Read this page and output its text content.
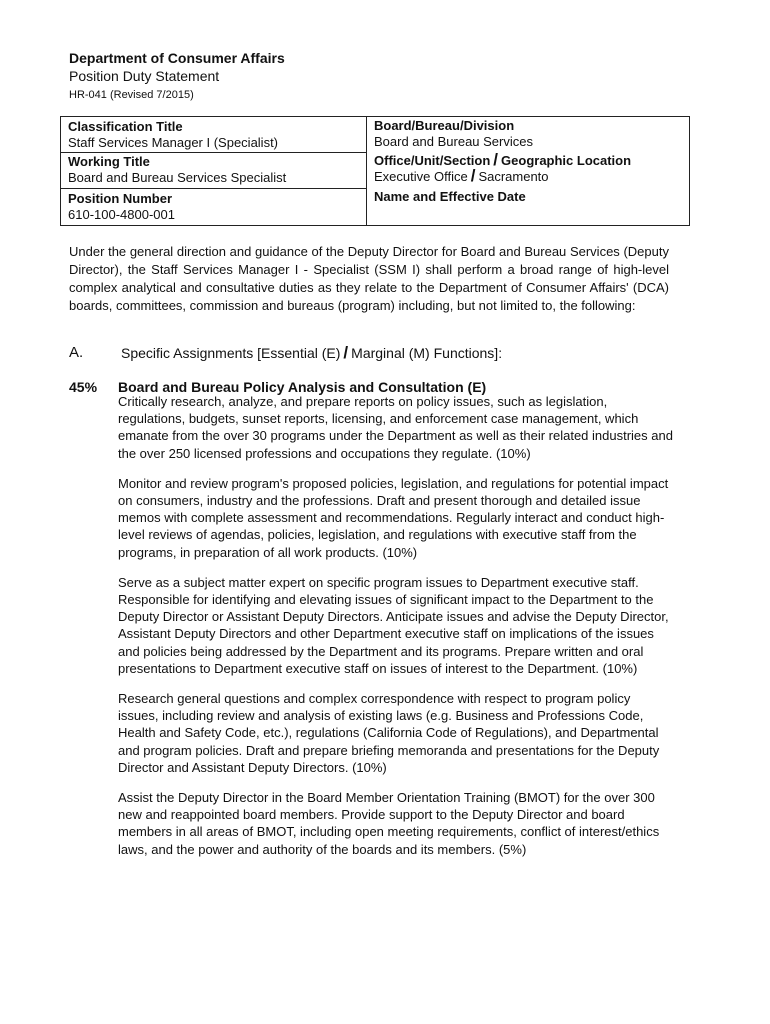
Department of Consumer Affairs
Position Duty Statement
HR-041 (Revised 7/2015)
Classification Title
Staff Services Manager I (Specialist)
Working Title
Board and Bureau Services Specialist
Position Number
610-100-4800-001
Board/Bureau/Division
Board and Bureau Services
Office/Unit/Section / Geographic Location
Executive Office / Sacramento
Name and Effective Date
Under the general direction and guidance of the Deputy Director for Board and Bureau Services (Deputy Director), the Staff Services Manager I - Specialist (SSM I) shall perform a broad range of high-level complex analytical and consultative duties as they relate to the Department of Consumer Affairs' (DCA) boards, committees, commission and bureaus (program) including, but not limited to, the following:
A.	Specific Assignments [Essential (E) / Marginal (M) Functions]:
45%	Board and Bureau Policy Analysis and Consultation (E)

Critically research, analyze, and prepare reports on policy issues, such as legislation, regulations, budgets, sunset reports, licensing, and enforcement case management, which emanate from the over 30 programs under the Department as well as their related industries and the over 250 licensed professions and occupations they regulate. (10%)

Monitor and review program's proposed policies, legislation, and regulations for potential impact on consumers, industry and the professions. Draft and present thorough and detailed issue memos with complete assessment and recommendations. Regularly interact and conduct high-level reviews of agendas, policies, legislation, and regulations with executive staff from the programs, in preparation of all work products. (10%)

Serve as a subject matter expert on specific program issues to Department executive staff. Responsible for identifying and elevating issues of significant impact to the Department to the Deputy Director or Assistant Deputy Directors. Anticipate issues and advise the Deputy Director, Assistant Deputy Directors and other Department executive staff on implications of the issues and policies being addressed by the Department and its programs. Prepare written and oral presentations to Department executive staff on issues of interest to the Department. (10%)

Research general questions and complex correspondence with respect to program policy issues, including review and analysis of existing laws (e.g. Business and Professions Code, Health and Safety Code, etc.), regulations (California Code of Regulations), and Departmental and program policies. Draft and prepare briefing memoranda and presentations for the Deputy Director and Assistant Deputy Directors. (10%)

Assist the Deputy Director in the Board Member Orientation Training (BMOT) for the over 300 new and reappointed board members. Provide support to the Deputy Director and board members in all areas of BMOT, including open meeting requirements, conflict of interest/ethics laws, and the power and authority of the boards and its members. (5%)
